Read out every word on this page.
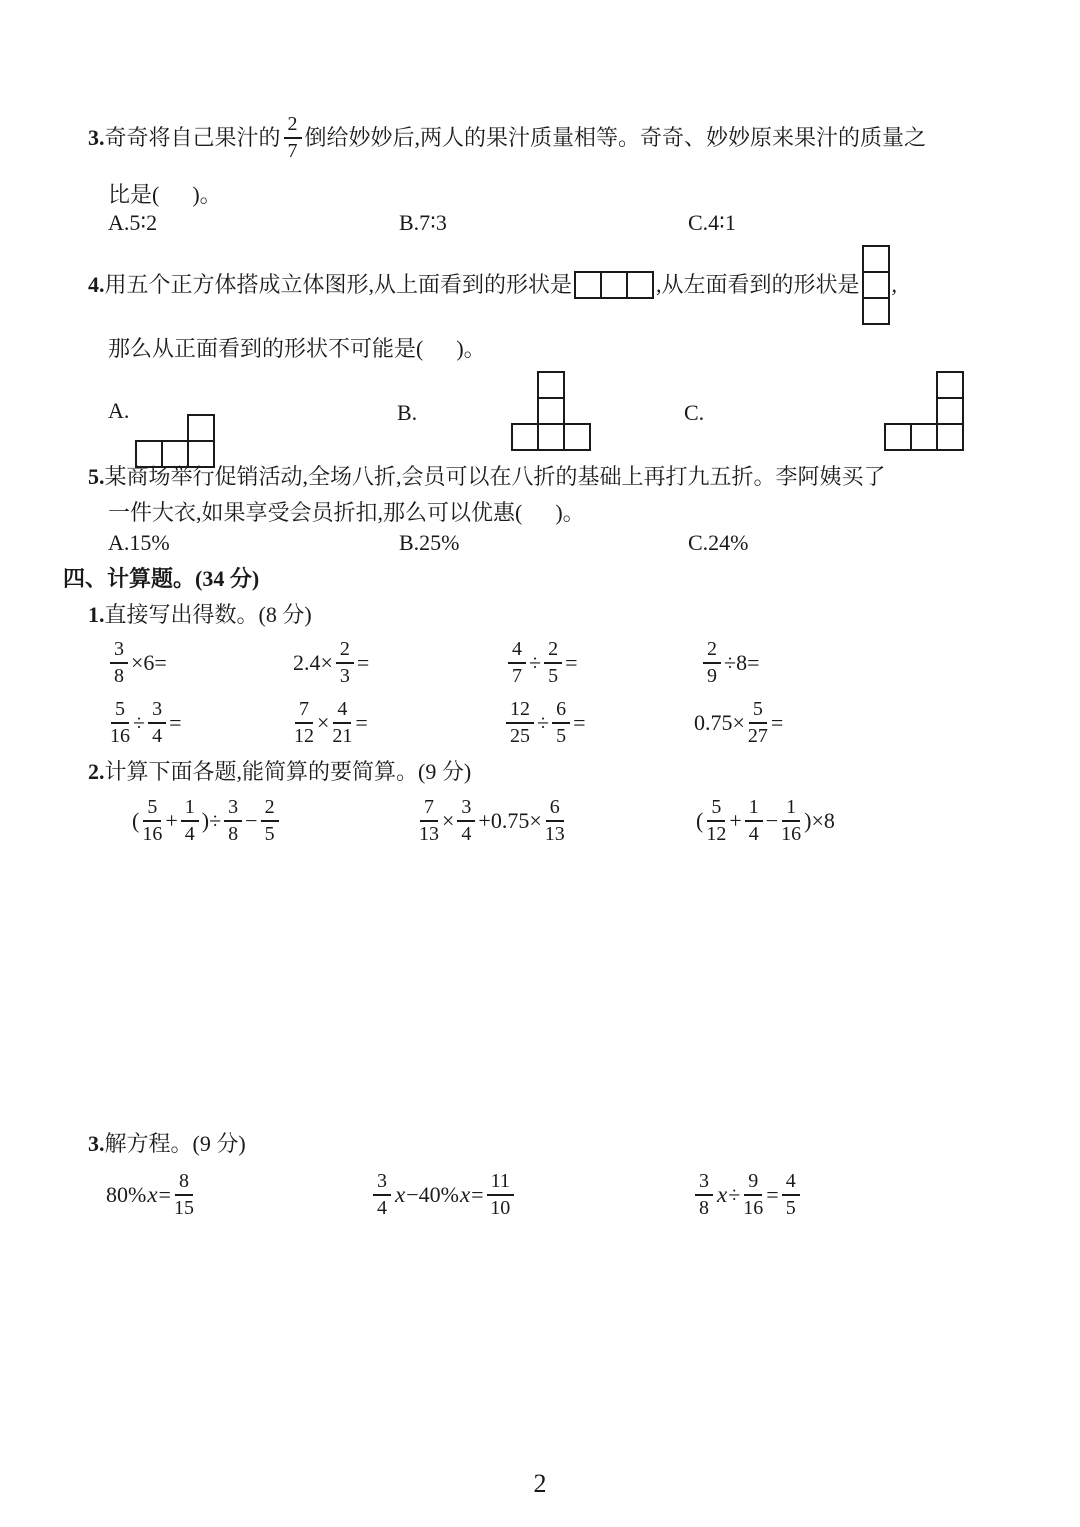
3. 奇奇将自己果汁的 $\frac{2}{7}$ 倒给妙妙后,两人的果汁质量相等。奇奇、妙妙原来果汁的质量之
比是(      )。
A.5∶2	B.7∶3	C.4∶1
4. 用五个正方体搭成立体图形,从上面看到的形状是	,从左面看到的形状是 ,
那么从正面看到的形状不可能是(      )。
A.
	B.
	C.
5.某商场举行促销活动,全场八折,会员可以在八折的基础上再打九五折。李阿姨买了
一件大衣,如果享受会员折扣,那么可以优惠(      )。
A.15%	B.25%	C.24%
四、计算题。(34 分)
1.直接写出得数。(8 分)
$\frac{3}{8} \times 6=$	$2.4\times \frac{2}{3}$ =	$\frac{4}{7} \div \frac{2}{5}$ =	$\frac{2}{9} \div 8=$
$\frac{5}{16} \div \frac{3}{4}$ =	$\frac{7}{12} \times \frac{4}{21}$ =	$\frac{12}{25} \div \frac{6}{5}$ =	$0.75\times \frac{5}{27}$ =
2.计算下面各题,能简算的要简算。(9 分)
( $\frac{5}{16} + \frac{1}{4}$ )÷ $\frac{3}{8} - \frac{2}{5}$	$\frac{7}{13} \times \frac{3}{4} +0.75\times \frac{6}{13}$	( $\frac{5}{12} + \frac{1}{4} - \frac{1}{16} )\times 8$
3.解方程。(9 分)
80% $x = \frac{8}{15}$	$\frac{3}{4}$ x −40% $x = \frac{11}{10}$	$\frac{3}{8}$ $x \div \frac{9}{16} = \frac{4}{5}$
2
